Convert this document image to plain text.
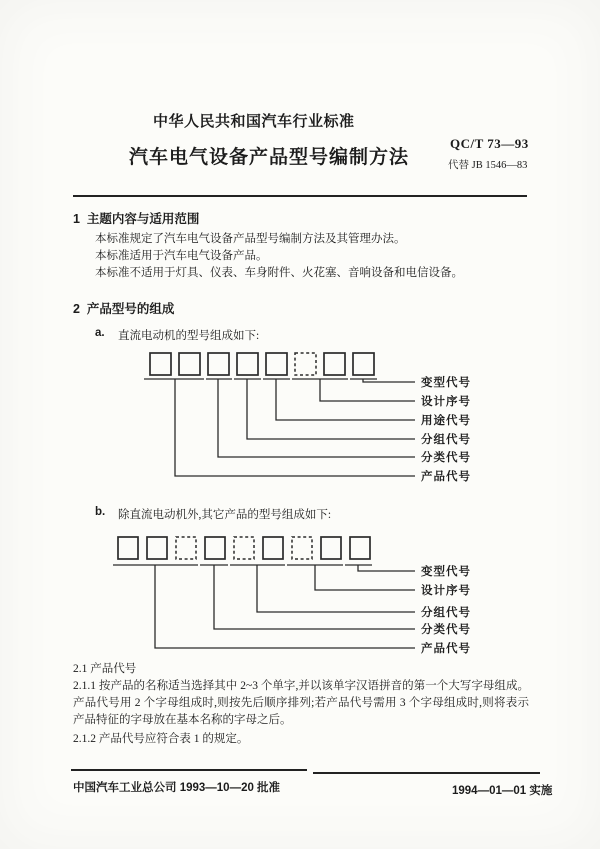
中华人民共和国汽车行业标准
汽车电气设备产品型号编制方法
QC/T 73—93
代替 JB 1546—83
1  主题内容与适用范围
本标准规定了汽车电气设备产品型号编制方法及其管理办法。
本标准适用于汽车电气设备产品。
本标准不适用于灯具、仪表、车身附件、火花塞、音响设备和电信设备。
2  产品型号的组成
a.	直流电动机的型号组成如下:
变型代号
设计序号
用途代号
分组代号
分类代号
产品代号
b.	除直流电动机外,其它产品的型号组成如下:
变型代号
设计序号
分组代号
分类代号
产品代号
2.1 产品代号
2.1.1 按产品的名称适当选择其中 2~3 个单字,并以该单字汉语拼音的第一个大写字母组成。产品代号用 2 个字母组成时,则按先后顺序排列;若产品代号需用 3 个字母组成时,则将表示产品特征的字母放在基本名称的字母之后。
2.1.2 产品代号应符合表 1 的规定。
中国汽车工业总公司 1993—10—20 批准	1994—01—01 实施
